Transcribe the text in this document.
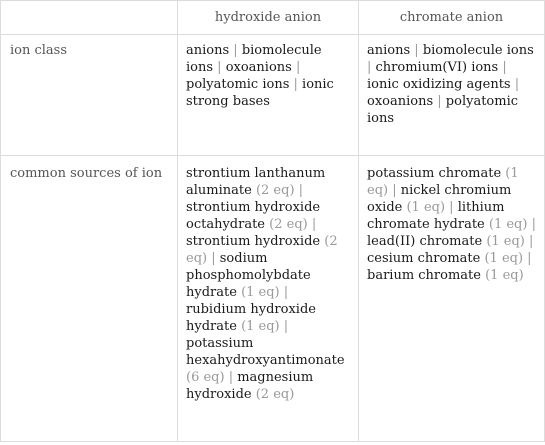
	hydroxide anion	chromate anion
ion class	anions | biomolecule ions | oxoanions | polyatomic ions | ionic strong bases	anions | biomolecule ions | chromium(VI) ions | ionic oxidizing agents | oxoanions | polyatomic ions
common sources of ion	strontium lanthanum aluminate (2 eq) | strontium hydroxide octahydrate (2 eq) | strontium hydroxide (2 eq) | sodium phosphomolybdate hydrate (1 eq) | rubidium hydroxide hydrate (1 eq) | potassium hexahydroxyantimonate (6 eq) | magnesium hydroxide (2 eq)	potassium chromate (1 eq) | nickel chromium oxide (1 eq) | lithium chromate hydrate (1 eq) | lead(II) chromate (1 eq) | cesium chromate (1 eq) | barium chromate (1 eq)
